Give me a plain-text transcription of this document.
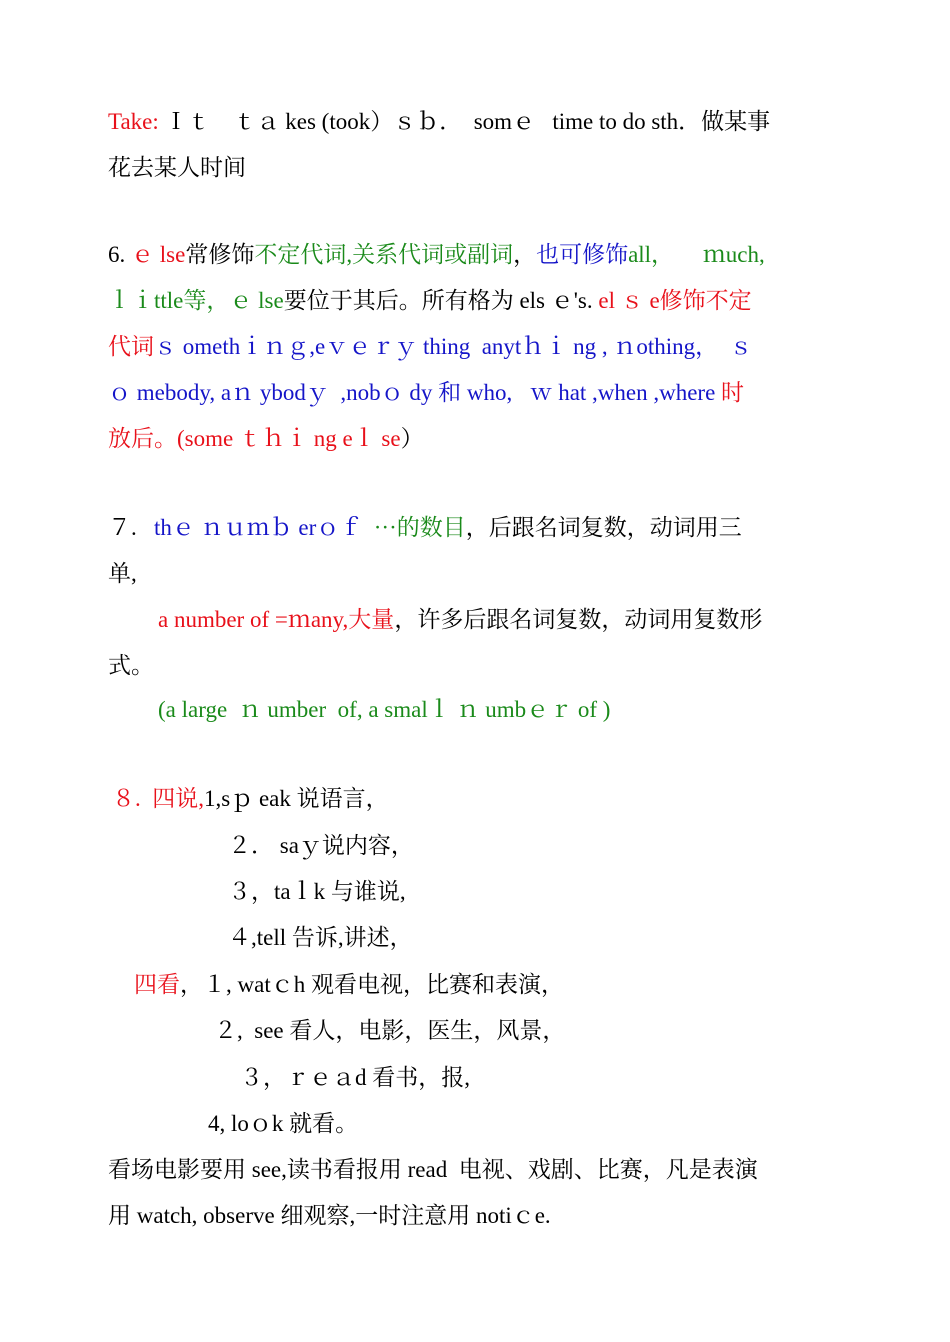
Take: Ｉｔ　ｔａ kes (took）ｓｂ．  somｅ   time to do sth．做某事
花去某人时间
6. ｅ lse常修饰不定代词,关系代词或副词，也可修饰all，     ｍuch,
ｌｉttle等，ｅ lse要位于其后。所有格为 els ｅ's. el ｓ e修饰不定
代词ｓ omethｉｎｇ,eｖｅｒｙ thing  anytｈｉ ng , ｎothing，  ｓ
ｏ mebody, aｎ ybodｙ  ,nobｏ dy 和 who,   ｗ hat ,when ,where 时
放后。(some ｔｈｉ ng eｌ se）
７.   thｅ ｎｕｍｂ erｏｆ  ···的数目，后跟名词复数，动词用三
单,
a number of =ｍany,大量，许多后跟名词复数，动词用复数形
式。
(a large  ｎ umber  of, a smalｌ ｎ umbｅｒ of )
８.  四说,1,sｐ eak 说语言，
２． saｙ说内容，
３，taｌk 与谁说,
４,tell 告诉,讲述，
四看，１, watｃh 观看电视，比赛和表演，
２,  see 看人，电影，医生，风景，
３，ｒｅａd 看书，报,
4, loｏk 就看。
看场电影要用 see,读书看报用 read  电视、戏剧、比赛，凡是表演
用 watch, observe 细观察,一时注意用 notiｃe.
